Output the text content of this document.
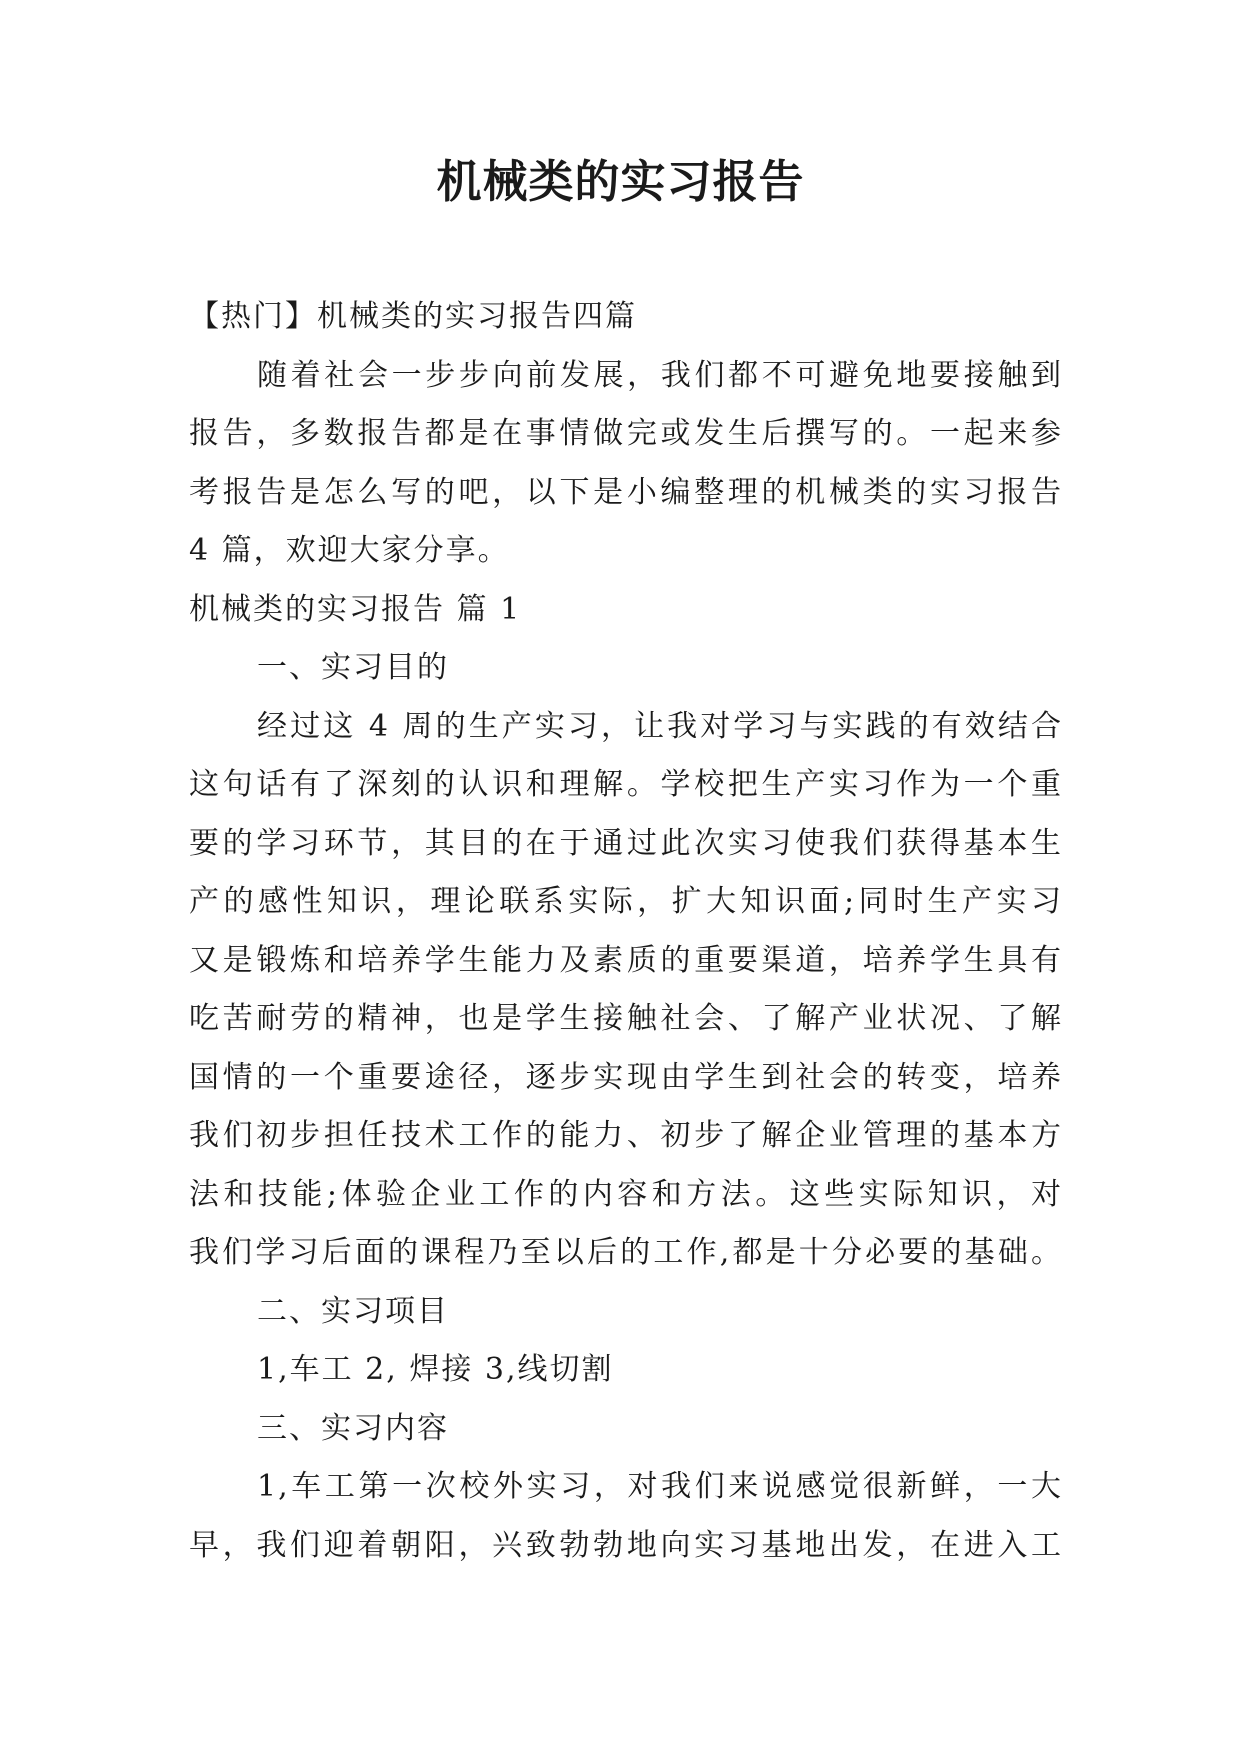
机械类的实习报告

【热门】机械类的实习报告四篇

随着社会一步步向前发展，我们都不可避免地要接触到

报告，多数报告都是在事情做完或发生后撰写的。一起来参

考报告是怎么写的吧，以下是小编整理的机械类的实习报告

4 篇，欢迎大家分享。

机械类的实习报告 篇 1

一、实习目的

经过这 4 周的生产实习，让我对学习与实践的有效结合

这句话有了深刻的认识和理解。学校把生产实习作为一个重

要的学习环节，其目的在于通过此次实习使我们获得基本生

产的感性知识，理论联系实际，扩大知识面;同时生产实习

又是锻炼和培养学生能力及素质的重要渠道，培养学生具有

吃苦耐劳的精神，也是学生接触社会、了解产业状况、了解

国情的一个重要途径，逐步实现由学生到社会的转变，培养

我们初步担任技术工作的能力、初步了解企业管理的基本方

法和技能;体验企业工作的内容和方法。这些实际知识，对

我们学习后面的课程乃至以后的工作,都是十分必要的基础。

二、实习项目

1,车工 2, 焊接 3,线切割

三、实习内容

1,车工第一次校外实习，对我们来说感觉很新鲜，一大

早，我们迎着朝阳，兴致勃勃地向实习基地出发，在进入工
